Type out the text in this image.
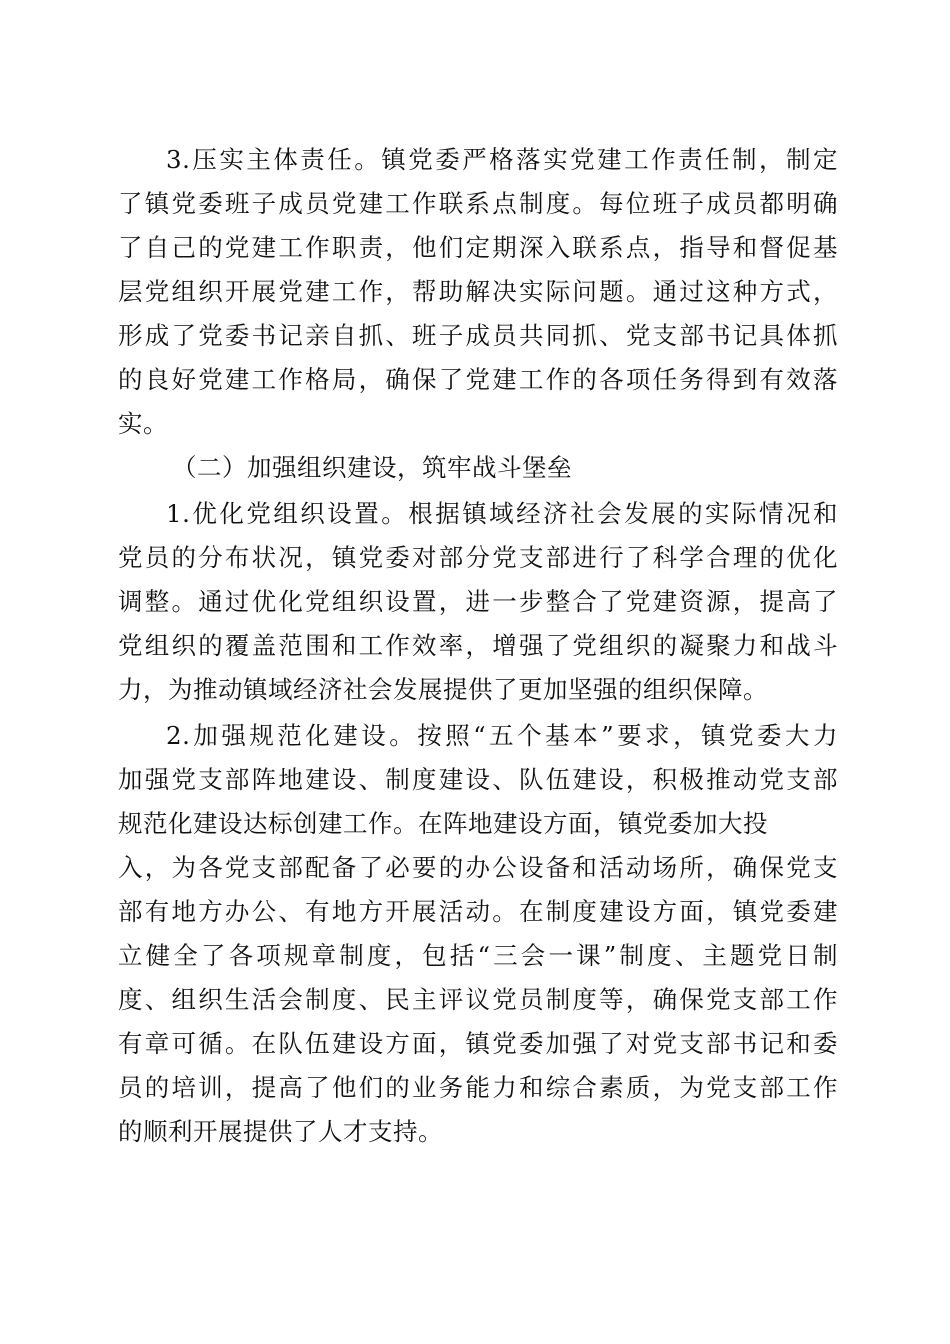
3.压实主体责任。镇党委严格落实党建工作责任制，制定
了镇党委班子成员党建工作联系点制度。每位班子成员都明确
了自己的党建工作职责，他们定期深入联系点，指导和督促基
层党组织开展党建工作，帮助解决实际问题。通过这种方式，
形成了党委书记亲自抓、班子成员共同抓、党支部书记具体抓
的良好党建工作格局，确保了党建工作的各项任务得到有效落
实。
（二）加强组织建设，筑牢战斗堡垒
1.优化党组织设置。根据镇域经济社会发展的实际情况和
党员的分布状况，镇党委对部分党支部进行了科学合理的优化
调整。通过优化党组织设置，进一步整合了党建资源，提高了
党组织的覆盖范围和工作效率，增强了党组织的凝聚力和战斗
力，为推动镇域经济社会发展提供了更加坚强的组织保障。
2.加强规范化建设。按照“五个基本”要求，镇党委大力
加强党支部阵地建设、制度建设、队伍建设，积极推动党支部
规范化建设达标创建工作。在阵地建设方面，镇党委加大投
入，为各党支部配备了必要的办公设备和活动场所，确保党支
部有地方办公、有地方开展活动。在制度建设方面，镇党委建
立健全了各项规章制度，包括“三会一课”制度、主题党日制
度、组织生活会制度、民主评议党员制度等，确保党支部工作
有章可循。在队伍建设方面，镇党委加强了对党支部书记和委
员的培训，提高了他们的业务能力和综合素质，为党支部工作
的顺利开展提供了人才支持。
